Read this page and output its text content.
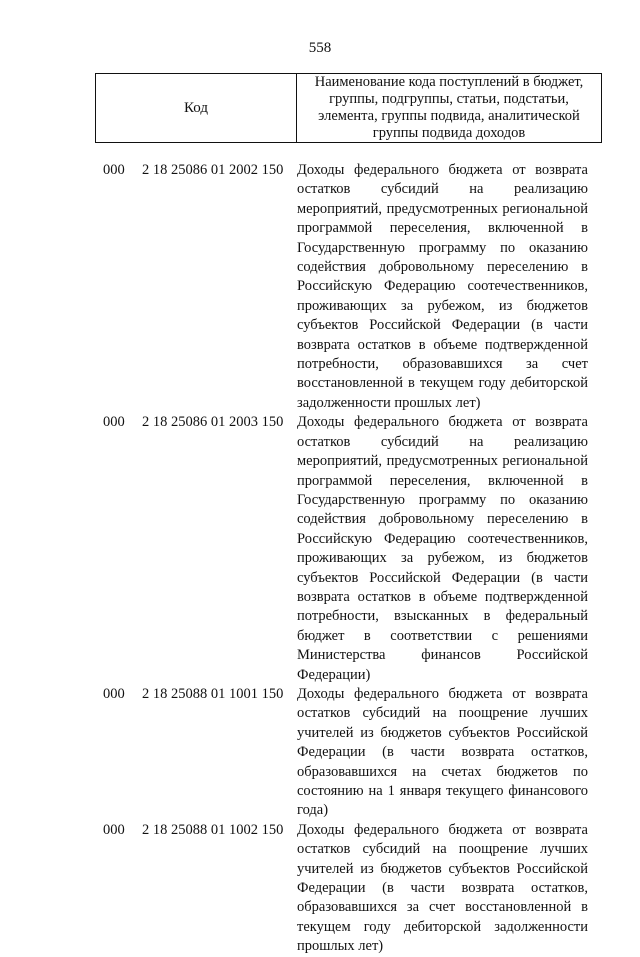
558
Код
Наименование кода поступлений в бюджет,
группы, подгруппы, статьи, подстатьи,
элемента, группы подвида, аналитической
группы подвида доходов
000 2 18 25086 01 2002 150 Доходы федерального бюджета от возврата
остатков субсидий на реализацию
мероприятий, предусмотренных региональной
программой переселения, включенной в
Государственную программу по оказанию
содействия добровольному переселению в
Российскую Федерацию соотечественников,
проживающих за рубежом, из бюджетов
субъектов Российской Федерации (в части
возврата остатков в объеме подтвержденной
потребности, образовавшихся за счет
восстановленной в текущем году дебиторской
задолженности прошлых лет)
000 2 18 25086 01 2003 150 Доходы федерального бюджета от возврата
остатков субсидий на реализацию
мероприятий, предусмотренных региональной
программой переселения, включенной в
Государственную программу по оказанию
содействия добровольному переселению в
Российскую Федерацию соотечественников,
проживающих за рубежом, из бюджетов
субъектов Российской Федерации (в части
возврата остатков в объеме подтвержденной
потребности, взысканных в федеральный
бюджет в соответствии с решениями
Министерства финансов Российской
Федерации)
000 2 18 25088 01 1001 150 Доходы федерального бюджета от возврата
остатков субсидий на поощрение лучших
учителей из бюджетов субъектов Российской
Федерации (в части возврата остатков,
образовавшихся на счетах бюджетов по
состоянию на 1 января текущего финансового
года)
000 2 18 25088 01 1002 150 Доходы федерального бюджета от возврата
остатков субсидий на поощрение лучших
учителей из бюджетов субъектов Российской
Федерации (в части возврата остатков,
образовавшихся за счет восстановленной в
текущем году дебиторской задолженности
прошлых лет)
